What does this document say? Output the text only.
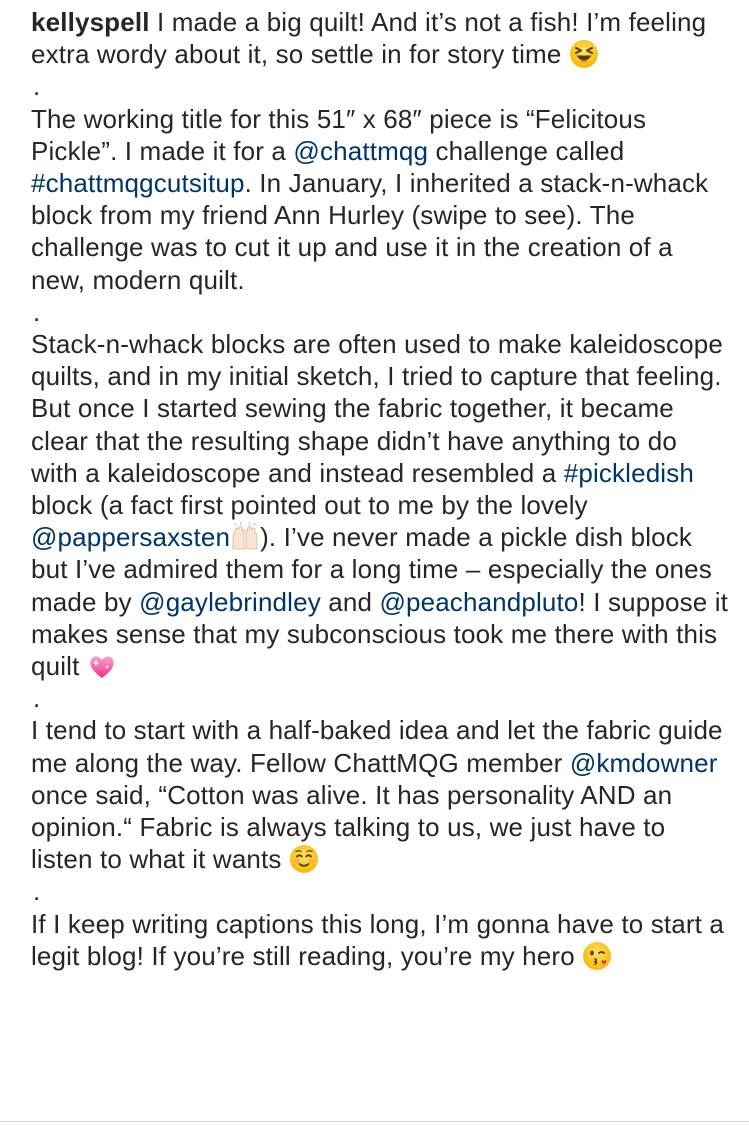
kellyspell I made a big quilt! And it’s not a fish! I’m feeling extra wordy about it, so settle in for story time

.

The working title for this 51″ x 68″ piece is “Felicitous Pickle”. I made it for a @chattmqg challenge called #chattmqgcutsitup. In January, I inherited a stack-n-whack block from my friend Ann Hurley (swipe to see). The challenge was to cut it up and use it in the creation of a new, modern quilt.

.

Stack-n-whack blocks are often used to make kaleidoscope quilts, and in my initial sketch, I tried to capture that feeling. But once I started sewing the fabric together, it became clear that the resulting shape didn’t have anything to do with a kaleidoscope and instead resembled a #pickledish block (a fact first pointed out to me by the lovely @pappersaxsten ). I’ve never made a pickle dish block but I’ve admired them for a long time – especially the ones made by @gaylebrindley and @peachandpluto! I suppose it makes sense that my subconscious took me there with this quilt

.

I tend to start with a half-baked idea and let the fabric guide me along the way. Fellow ChattMQG member @kmdowner once said, “Cotton was alive. It has personality AND an opinion.“ Fabric is always talking to us, we just have to listen to what it wants

.

If I keep writing captions this long, I’m gonna have to start a legit blog! If you’re still reading, you’re my hero
